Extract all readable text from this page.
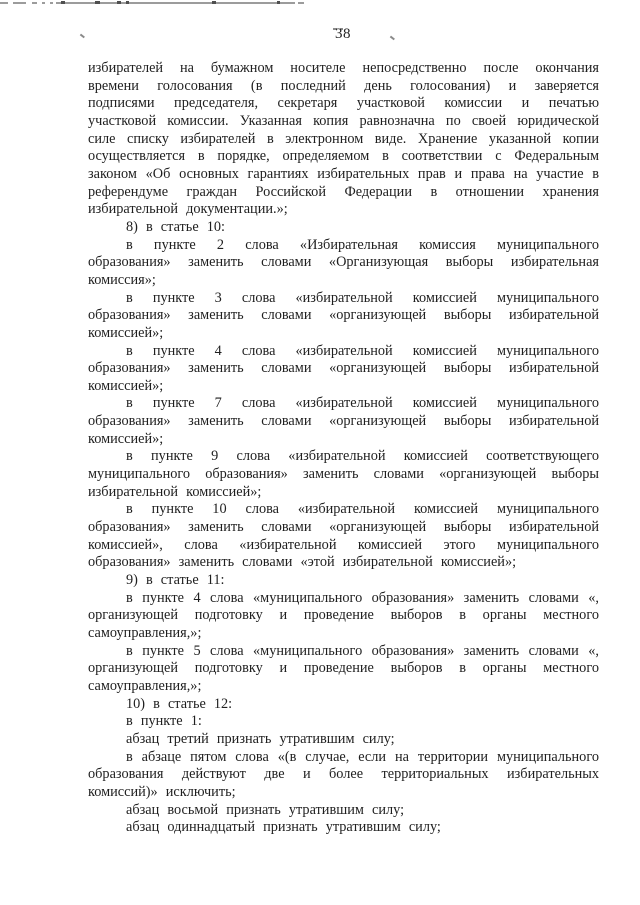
38

избирателей на бумажном носителе непосредственно после окончания времени голосования (в последний день голосования) и заверяется подписями председателя, секретаря участковой комиссии и печатью участковой комиссии. Указанная копия равнозначна по своей юридической силе списку избирателей в электронном виде. Хранение указанной копии осуществляется в порядке, определяемом в соответствии с Федеральным законом «Об основных гарантиях избирательных прав и права на участие в референдуме граждан Российской Федерации в отношении хранения избирательной документации.»;

8) в статье 10:

в пункте 2 слова «Избирательная комиссия муниципального образования» заменить словами «Организующая выборы избирательная комиссия»;

в пункте 3 слова «избирательной комиссией муниципального образования» заменить словами «организующей выборы избирательной комиссией»;

в пункте 4 слова «избирательной комиссией муниципального образования» заменить словами «организующей выборы избирательной комиссией»;

в пункте 7 слова «избирательной комиссией муниципального образования» заменить словами «организующей выборы избирательной комиссией»;

в пункте 9 слова «избирательной комиссией соответствующего муниципального образования» заменить словами «организующей выборы избирательной комиссией»;

в пункте 10 слова «избирательной комиссией муниципального образования» заменить словами «организующей выборы избирательной комиссией», слова «избирательной комиссией этого муниципального образования» заменить словами «этой избирательной комиссией»;

9) в статье 11:

в пункте 4 слова «муниципального образования» заменить словами «, организующей подготовку и проведение выборов в органы местного самоуправления,»;

в пункте 5 слова «муниципального образования» заменить словами «, организующей подготовку и проведение выборов в органы местного самоуправления,»;

10) в статье 12:

в пункте 1:

абзац третий признать утратившим силу;

в абзаце пятом слова «(в случае, если на территории муниципального образования действуют две и более территориальных избирательных комиссий)» исключить;

абзац восьмой признать утратившим силу;

абзац одиннадцатый признать утратившим силу;
